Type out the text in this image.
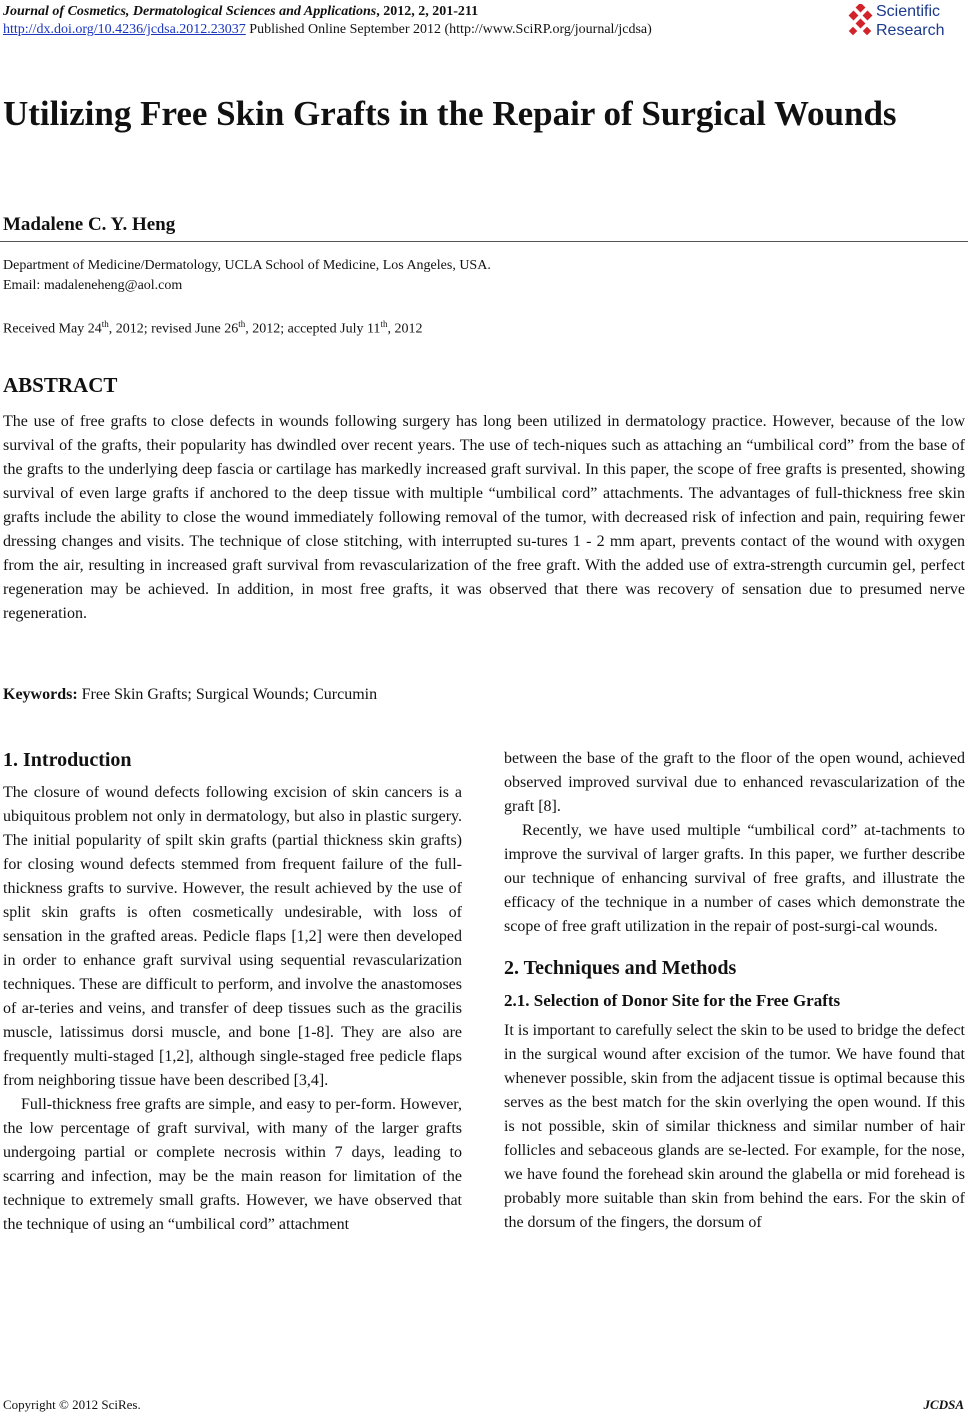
Journal of Cosmetics, Dermatological Sciences and Applications, 2012, 2, 201-211
http://dx.doi.org/10.4236/jcdsa.2012.23037 Published Online September 2012 (http://www.SciRP.org/journal/jcdsa)
Scientific
Research
Utilizing Free Skin Grafts in the Repair of Surgical Wounds
Madalene C. Y. Heng
Department of Medicine/Dermatology, UCLA School of Medicine, Los Angeles, USA.
Email: madaleneheng@aol.com
Received May 24th, 2012; revised June 26th, 2012; accepted July 11th, 2012
ABSTRACT

The use of free grafts to close defects in wounds following surgery has long been utilized in dermatology practice. However, because of the low survival of the grafts, their popularity has dwindled over recent years. The use of tech-niques such as attaching an “umbilical cord” from the base of the grafts to the underlying deep fascia or cartilage has markedly increased graft survival. In this paper, the scope of free grafts is presented, showing survival of even large grafts if anchored to the deep tissue with multiple “umbilical cord” attachments. The advantages of full-thickness free skin grafts include the ability to close the wound immediately following removal of the tumor, with decreased risk of infection and pain, requiring fewer dressing changes and visits. The technique of close stitching, with interrupted su-tures 1 - 2 mm apart, prevents contact of the wound with oxygen from the air, resulting in increased graft survival from revascularization of the free graft. With the added use of extra-strength curcumin gel, perfect regeneration may be achieved. In addition, in most free grafts, it was observed that there was recovery of sensation due to presumed nerve regeneration.

Keywords: Free Skin Grafts; Surgical Wounds; Curcumin

1. Introduction

The closure of wound defects following excision of skin cancers is a ubiquitous problem not only in dermatology, but also in plastic surgery. The initial popularity of spilt skin grafts (partial thickness skin grafts) for closing wound defects stemmed from frequent failure of the full-thickness grafts to survive. However, the result achieved by the use of split skin grafts is often cosmetically undesirable, with loss of sensation in the grafted areas. Pedicle flaps [1,2] were then developed in order to enhance graft survival using sequential revascularization techniques. These are difficult to perform, and involve the anastomoses of ar-teries and veins, and transfer of deep tissues such as the gracilis muscle, latissimus dorsi muscle, and bone [1-8]. They are also are frequently multi-staged [1,2], although single-staged free pedicle flaps from neighboring tissue have been described [3,4].

Full-thickness free grafts are simple, and easy to per-form. However, the low percentage of graft survival, with many of the larger grafts undergoing partial or complete necrosis within 7 days, leading to scarring and infection, may be the main reason for limitation of the technique to extremely small grafts. However, we have observed that the technique of using an “umbilical cord” attachment

between the base of the graft to the floor of the open wound, achieved observed improved survival due to enhanced revascularization of the graft [8].

Recently, we have used multiple “umbilical cord” at-tachments to improve the survival of larger grafts. In this paper, we further describe our technique of enhancing survival of free grafts, and illustrate the efficacy of the technique in a number of cases which demonstrate the scope of free graft utilization in the repair of post-surgi-cal wounds.

2. Techniques and Methods
2.1. Selection of Donor Site for the Free Grafts

It is important to carefully select the skin to be used to bridge the defect in the surgical wound after excision of the tumor. We have found that whenever possible, skin from the adjacent tissue is optimal because this serves as the best match for the skin overlying the open wound. If this is not possible, skin of similar thickness and similar number of hair follicles and sebaceous glands are se-lected. For example, for the nose, we have found the forehead skin around the glabella or mid forehead is probably more suitable than skin from behind the ears. For the skin of the dorsum of the fingers, the dorsum of

Copyright © 2012 SciRes.	JCDSA
